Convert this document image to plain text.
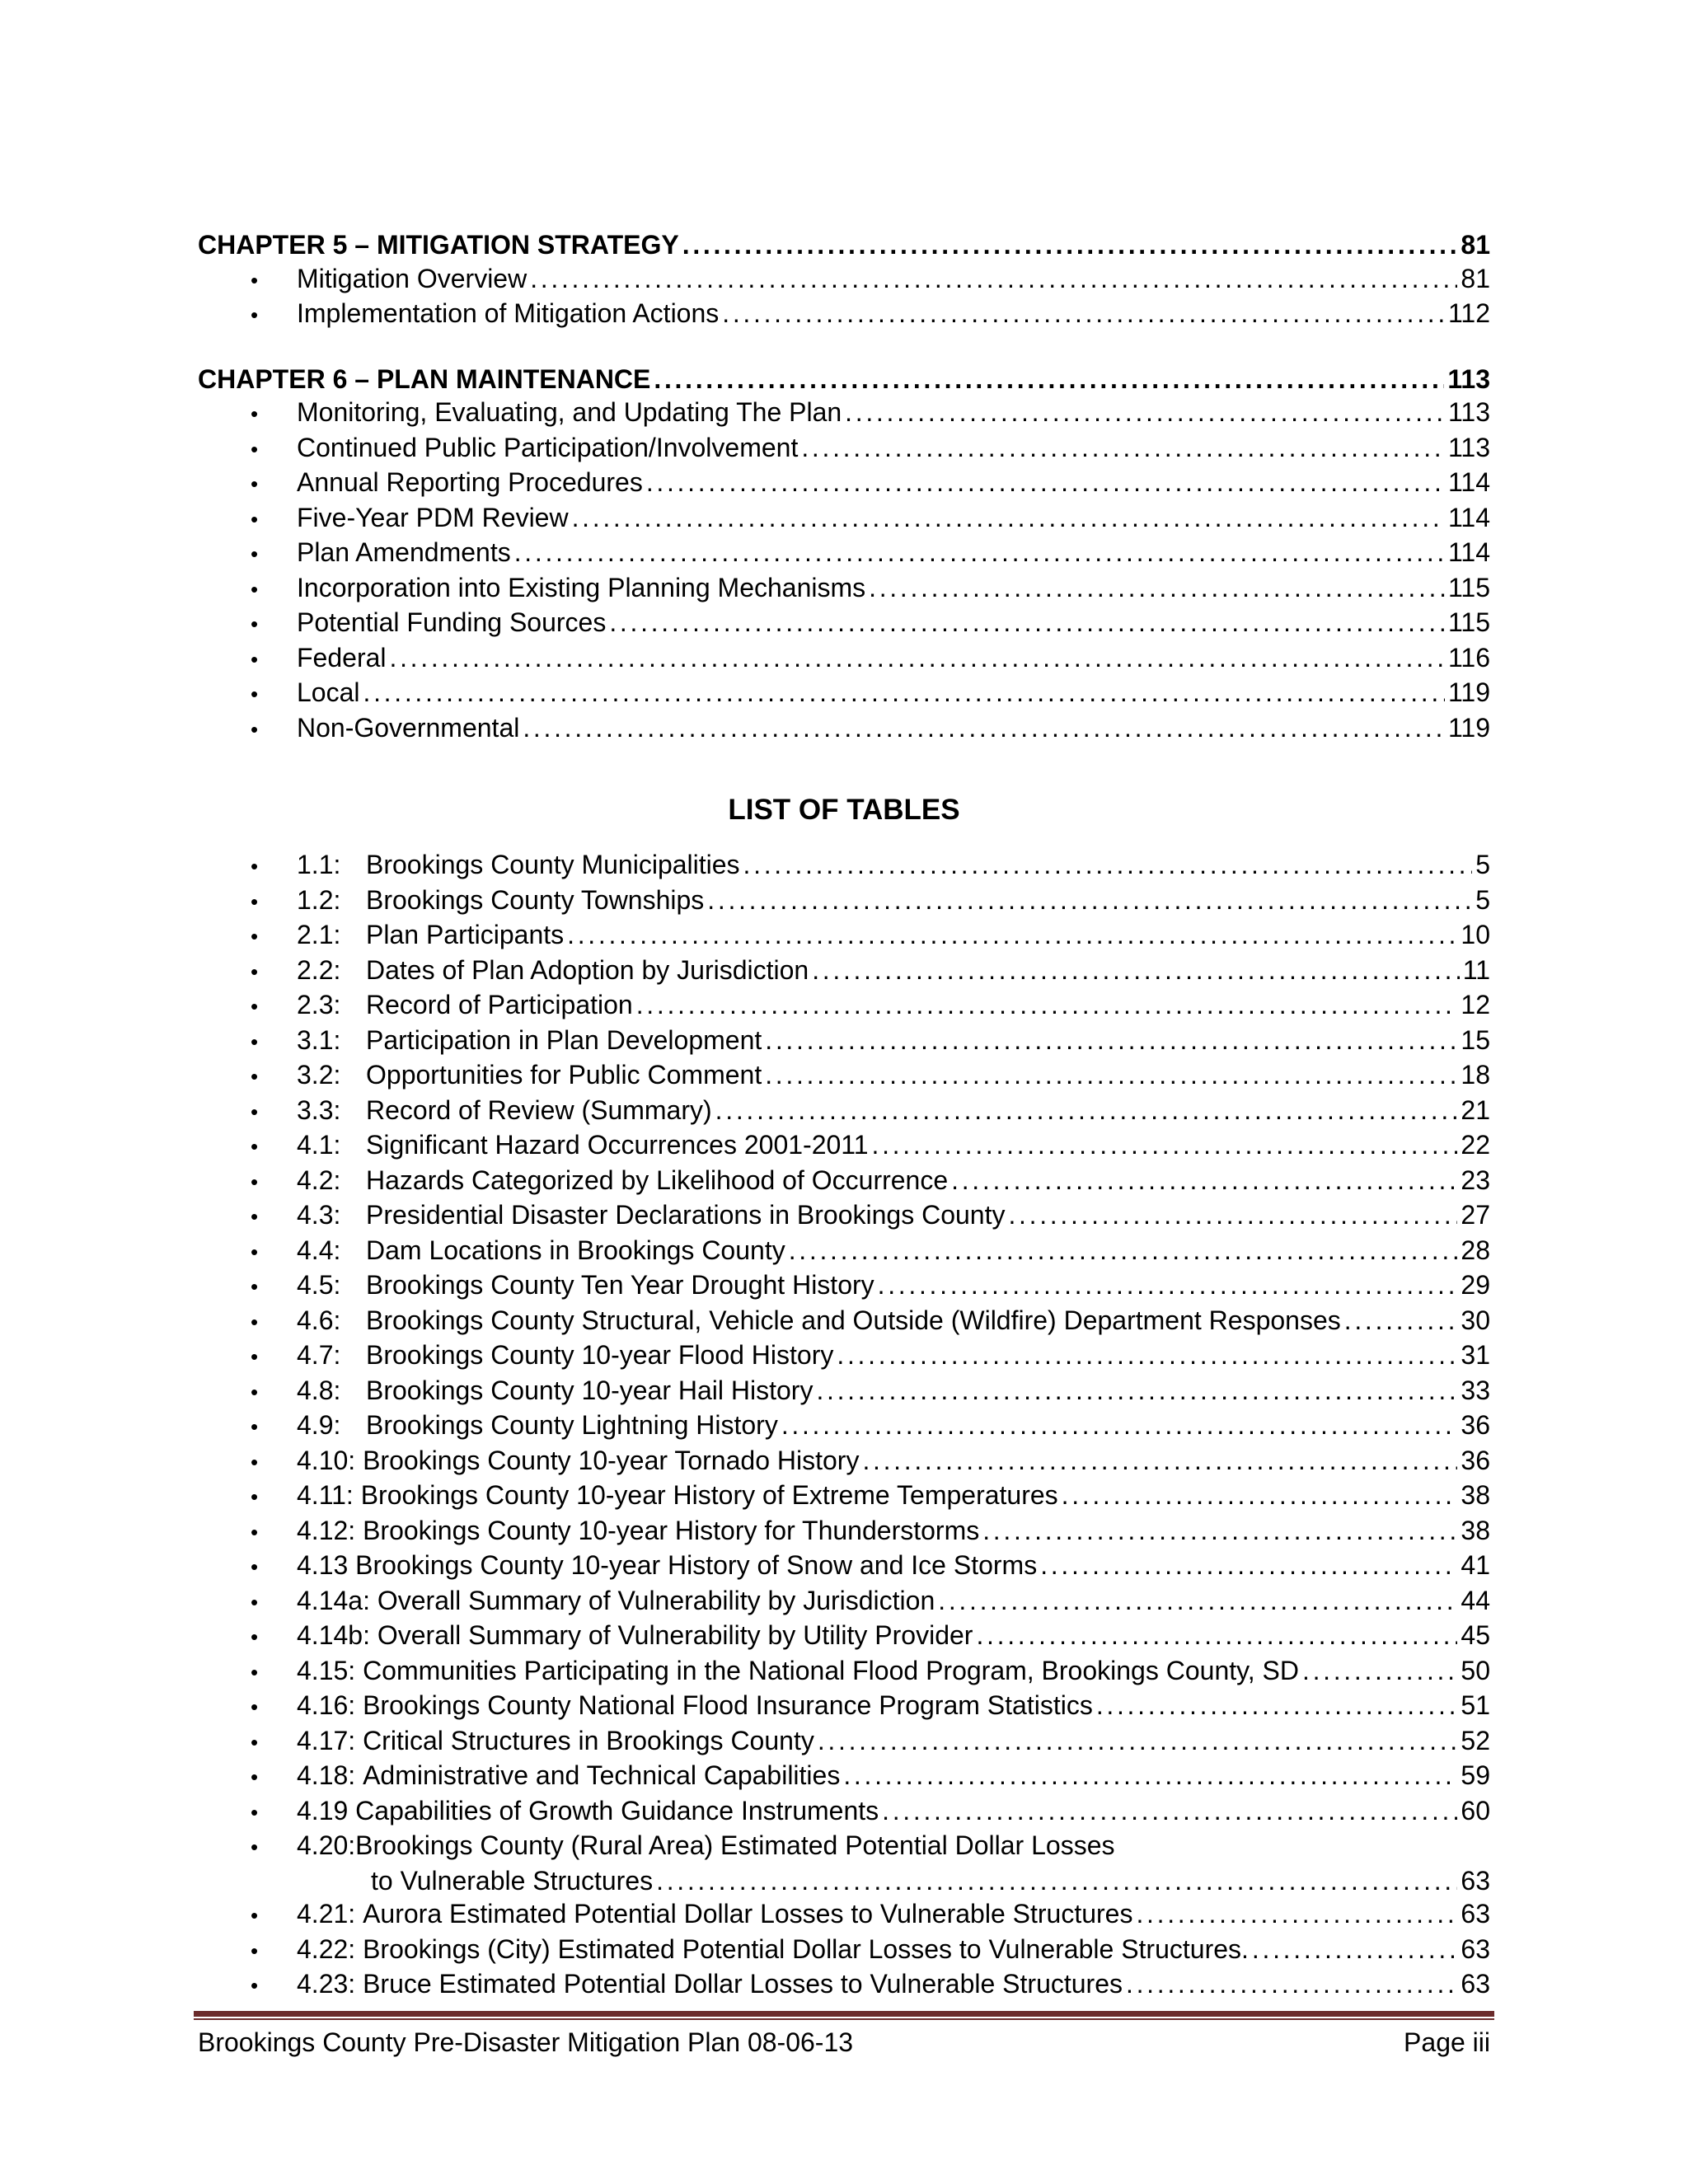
CHAPTER 5 – MITIGATION STRATEGY . . .	81
•	Mitigation Overview . . .	81
•	Implementation of Mitigation Actions . . .	112
CHAPTER 6 – PLAN MAINTENANCE . . .	113
•	Monitoring, Evaluating, and Updating The Plan . . .	113
•	Continued Public Participation/Involvement . . .	113
•	Annual Reporting Procedures . . .	114
•	Five-Year PDM Review . . .	114
•	Plan Amendments . . .	114
•	Incorporation into Existing Planning Mechanisms . . .	115
•	Potential Funding Sources . . .	115
•	Federal . . .	116
•	Local . . .	119
•	Non-Governmental . . .	119
LIST OF TABLES
•	1.1: Brookings County Municipalities . . .	5
•	1.2: Brookings County Townships . . .	5
•	2.1: Plan Participants . . .	10
•	2.2: Dates of Plan Adoption by Jurisdiction . . .	11
•	2.3: Record of Participation . . .	12
•	3.1: Participation in Plan Development . . .	15
•	3.2: Opportunities for Public Comment . . .	18
•	3.3: Record of Review (Summary) . . .	21
•	4.1: Significant Hazard Occurrences 2001-2011 . . .	22
•	4.2: Hazards Categorized by Likelihood of Occurrence . . .	23
•	4.3: Presidential Disaster Declarations in Brookings County . . .	27
•	4.4: Dam Locations in Brookings County . . .	28
•	4.5: Brookings County Ten Year Drought History . . .	29
•	4.6: Brookings County Structural, Vehicle and Outside (Wildfire) Department Responses . . .	30
•	4.7: Brookings County 10-year Flood History . . .	31
•	4.8: Brookings County 10-year Hail History . . .	33
•	4.9: Brookings County Lightning History . . .	36
•	4.10:
Brookings County 10-year Tornado History . . .	36
•	4.11:
Brookings County 10-year History of Extreme Temperatures . . .	38
•	4.12:
Brookings County 10-year History for Thunderstorms . . .	38
•	4.13
Brookings County 10-year History of Snow and Ice Storms . . .	41
•	4.14a:
Overall Summary of Vulnerability by Jurisdiction . . .	44
•	4.14b:
Overall Summary of Vulnerability by Utility Provider . . .	45
•	4.15:
Communities Participating in the National Flood Program, Brookings County, SD . . .	50
•	4.16:
Brookings County National Flood Insurance Program Statistics . . .	51
•	4.17:
Critical Structures in Brookings County . . .	52
•	4.18:
Administrative and Technical Capabilities . . .	59
•	4.19
Capabilities of Growth Guidance Instruments . . .	60
•	4.20: Brookings County (Rural Area) Estimated Potential Dollar Losses
to Vulnerable Structures . . .	63
•	4.21:
Aurora Estimated Potential Dollar Losses to Vulnerable Structures . . .	63
•	4.22:
Brookings (City) Estimated Potential Dollar Losses to Vulnerable Structures. . . .	63
•	4.23:
Bruce Estimated Potential Dollar Losses to Vulnerable Structures . . .	63
Brookings County Pre-Disaster Mitigation Plan 08-06-13	Page iii
